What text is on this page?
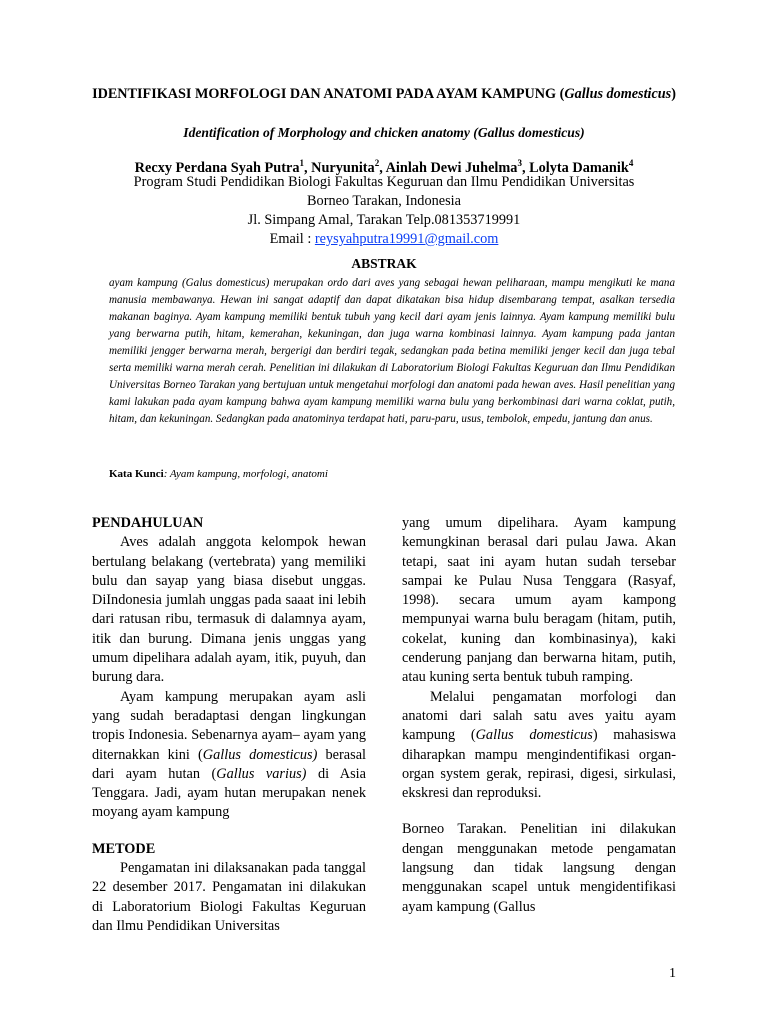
IDENTIFIKASI MORFOLOGI DAN ANATOMI PADA AYAM KAMPUNG (Gallus domesticus)
Identification of Morphology and chicken anatomy (Gallus domesticus)
Recxy Perdana Syah Putra$^1$, Nuryunita$^2$, Ainlah Dewi Juhelma$^3$, Lolyta Damanik$^4$
Program Studi Pendidikan Biologi Fakultas Keguruan dan Ilmu Pendidikan Universitas
Borneo Tarakan, Indonesia
Jl. Simpang Amal, Tarakan Telp.081353719991
Email : reysyahputra19991@gmail.com
ABSTRAK
ayam kampung (Galus domesticus) merupakan ordo dari aves yang sebagai hewan peliharaan, mampu mengikuti ke mana manusia membawanya. Hewan ini sangat adaptif dan dapat dikatakan bisa hidup disembarang tempat, asalkan tersedia makanan baginya. Ayam kampung memiliki bentuk tubuh yang kecil dari ayam jenis lainnya. Ayam kampung memiliki bulu yang berwarna putih, hitam, kemerahan, kekuningan, dan juga warna kombinasi lainnya. Ayam kampung pada jantan memiliki jengger berwarna merah, bergerigi dan berdiri tegak, sedangkan pada betina memiliki jenger kecil dan juga tebal serta memiliki warna merah cerah. Penelitian ini dilakukan di Laboratorium Biologi Fakultas Keguruan dan Ilmu Pendidikan Universitas Borneo Tarakan yang bertujuan untuk mengetahui morfologi dan anatomi pada hewan aves. Hasil penelitian yang kami lakukan pada ayam kampung bahwa ayam kampung memiliki warna bulu yang berkombinasi dari warna coklat, putih, hitam, dan kekuningan. Sedangkan pada anatominya terdapat hati, paru-paru, usus, tembolok, empedu, jantung dan anus.
Kata Kunci: Ayam kampung, morfologi, anatomi

PENDAHULUAN

Aves adalah anggota kelompok hewan bertulang belakang (vertebrata) yang memiliki bulu dan sayap yang biasa disebut unggas. DiIndonesia jumlah unggas pada saaat ini lebih dari ratusan ribu, termasuk di dalamnya ayam, itik dan burung. Dimana jenis unggas yang umum dipelihara adalah ayam, itik, puyuh, dan burung dara.

Ayam kampung merupakan ayam asli yang sudah beradaptasi dengan lingkungan tropis Indonesia. Sebenarnya ayam– ayam yang diternakkan kini (Gallus domesticus) berasal dari ayam hutan (Gallus varius) di Asia Tenggara. Jadi, ayam hutan merupakan nenek moyang ayam kampung

METODE

Pengamatan ini dilaksanakan pada tanggal 22 desember 2017. Pengamatan ini dilakukan di Laboratorium Biologi Fakultas Keguruan dan Ilmu Pendidikan Universitas

yang umum dipelihara. Ayam kampung kemungkinan berasal dari pulau Jawa. Akan tetapi, saat ini ayam hutan sudah tersebar sampai ke Pulau Nusa Tenggara (Rasyaf, 1998). secara umum ayam kampong mempunyai warna bulu beragam (hitam, putih, cokelat, kuning dan kombinasinya), kaki cenderung panjang dan berwarna hitam, putih, atau kuning serta bentuk tubuh ramping.

Melalui pengamatan morfologi dan anatomi dari salah satu aves yaitu ayam kampung (Gallus domesticus) mahasiswa diharapkan mampu mengindentifikasi organ-organ system gerak, repirasi, digesi, sirkulasi, ekskresi dan reproduksi.

Borneo Tarakan. Penelitian ini dilakukan dengan menggunakan metode pengamatan langsung dan tidak langsung dengan menggunakan scapel untuk mengidentifikasi ayam kampung (Gallus

1
